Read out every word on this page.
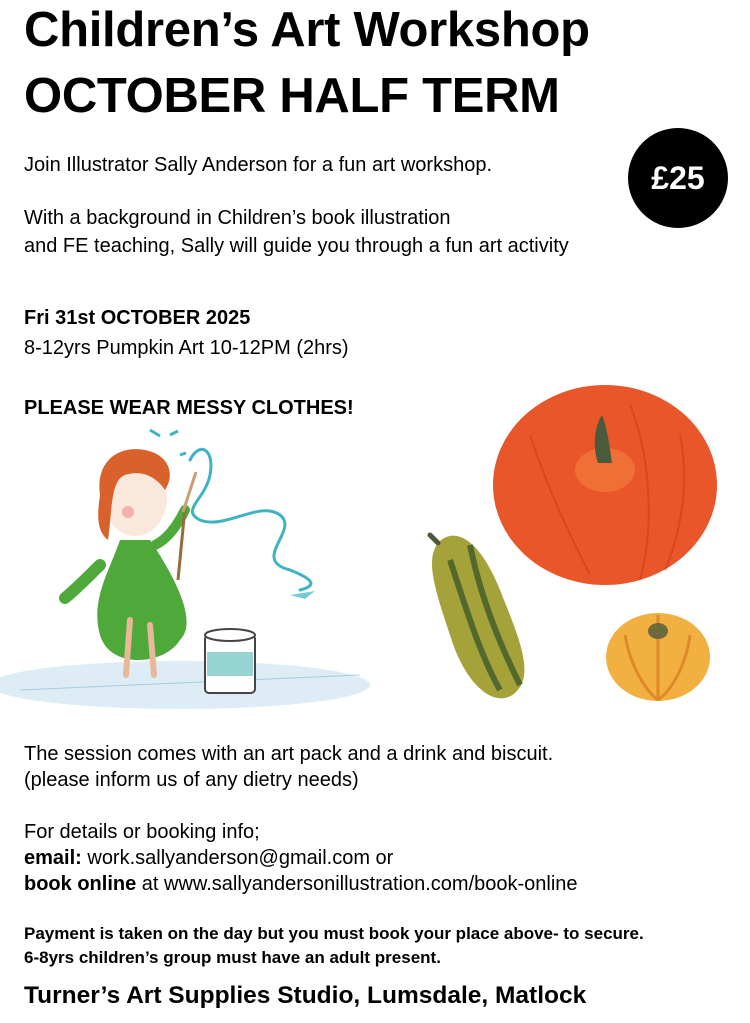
Children’s Art Workshop
OCTOBER HALF TERM
£25
Join Illustrator Sally Anderson for a fun art workshop.
With a background in Children’s book illustration
and FE teaching, Sally will guide you through a fun art activity
Fri 31st OCTOBER 2025
8-12yrs Pumpkin Art 10-12PM (2hrs)
PLEASE WEAR MESSY CLOTHES!
The session comes with an art pack and a drink and biscuit.
(please inform us of any dietry needs)
For details or booking info;
email: work.sallyanderson@gmail.com or
book online at www.sallyandersonillustration.com/book-online
Payment is taken on the day but you must book your place above- to secure.
6-8yrs children’s group must have an adult present.
Turner’s Art Supplies Studio, Lumsdale, Matlock
